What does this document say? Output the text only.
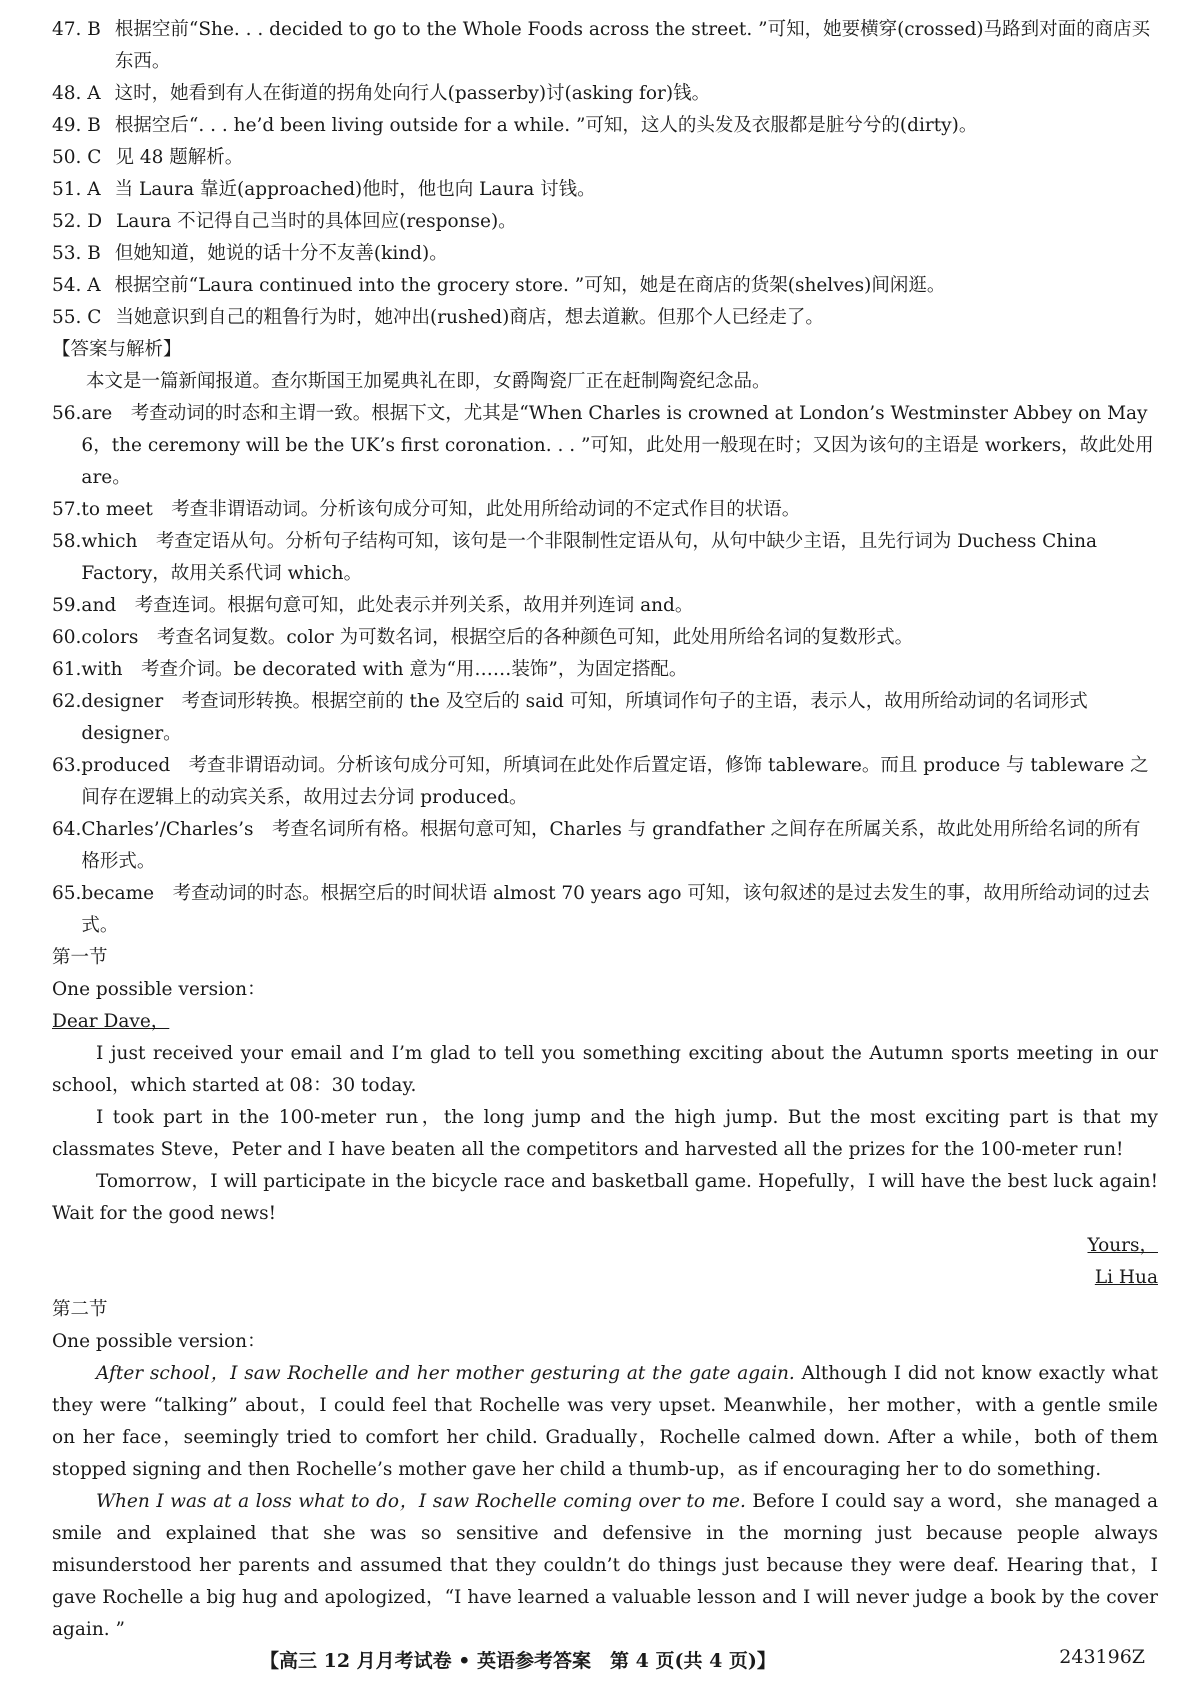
47. B 根据空前“She. . . decided to go to the Whole Foods across the street. ”可知，她要横穿(crossed)马路到对面的商店买东西。
48. A 这时，她看到有人在街道的拐角处向行人(passerby)讨(asking for)钱。
49. B 根据空后“. . . he’d been living outside for a while. ”可知，这人的头发及衣服都是脏兮兮的(dirty)。
50. C 见 48 题解析。
51. A 当 Laura 靠近(approached)他时，他也向 Laura 讨钱。
52. D Laura 不记得自己当时的具体回应(response)。
53. B 但她知道，她说的话十分不友善(kind)。
54. A 根据空前“Laura continued into the grocery store. ”可知，她是在商店的货架(shelves)间闲逛。
55. C 当她意识到自己的粗鲁行为时，她冲出(rushed)商店，想去道歉。但那个人已经走了。
【答案与解析】
本文是一篇新闻报道。查尔斯国王加冕典礼在即，女爵陶瓷厂正在赶制陶瓷纪念品。
56. are　考查动词的时态和主谓一致。根据下文，尤其是“When Charles is crowned at London’s Westminster Abbey on May 6，the ceremony will be the UK’s first coronation. . . ”可知，此处用一般现在时；又因为该句的主语是 workers，故此处用 are。
57. to meet　考查非谓语动词。分析该句成分可知，此处用所给动词的不定式作目的状语。
58. which　考查定语从句。分析句子结构可知，该句是一个非限制性定语从句，从句中缺少主语，且先行词为 Duchess China Factory，故用关系代词 which。
59. and　考查连词。根据句意可知，此处表示并列关系，故用并列连词 and。
60. colors　考查名词复数。color 为可数名词，根据空后的各种颜色可知，此处用所给名词的复数形式。
61. with　考查介词。be decorated with 意为“用……装饰”，为固定搭配。
62. designer　考查词形转换。根据空前的 the 及空后的 said 可知，所填词作句子的主语，表示人，故用所给动词的名词形式 designer。
63. produced　考查非谓语动词。分析该句成分可知，所填词在此处作后置定语，修饰 tableware。而且 produce 与 tableware 之间存在逻辑上的动宾关系，故用过去分词 produced。
64. Charles’/Charles’s　考查名词所有格。根据句意可知，Charles 与 grandfather 之间存在所属关系，故此处用所给名词的所有格形式。
65. became　考查动词的时态。根据空后的时间状语 almost 70 years ago 可知，该句叙述的是过去发生的事，故用所给动词的过去式。
第一节
One possible version：
Dear Dave，
I just received your email and I’m glad to tell you something exciting about the Autumn sports meeting in our school，which started at 08：30 today.
I took part in the 100-meter run，the long jump and the high jump. But the most exciting part is that my classmates Steve，Peter and I have beaten all the competitors and harvested all the prizes for the 100-meter run!
Tomorrow，I will participate in the bicycle race and basketball game. Hopefully，I will have the best luck again! Wait for the good news!
Yours，
Li Hua
第二节
One possible version：
After school，I saw Rochelle and her mother gesturing at the gate again. Although I did not know exactly what they were “talking” about，I could feel that Rochelle was very upset. Meanwhile，her mother，with a gentle smile on her face，seemingly tried to comfort her child. Gradually，Rochelle calmed down. After a while，both of them stopped signing and then Rochelle’s mother gave her child a thumb-up，as if encouraging her to do something.
When I was at a loss what to do，I saw Rochelle coming over to me. Before I could say a word，she managed a smile and explained that she was so sensitive and defensive in the morning just because people always misunderstood her parents and assumed that they couldn’t do things just because they were deaf. Hearing that，I gave Rochelle a big hug and apologized，“I have learned a valuable lesson and I will never judge a book by the cover again. ”
【高三 12 月月考试卷 • 英语参考答案　第 4 页(共 4 页)】	243196Z
